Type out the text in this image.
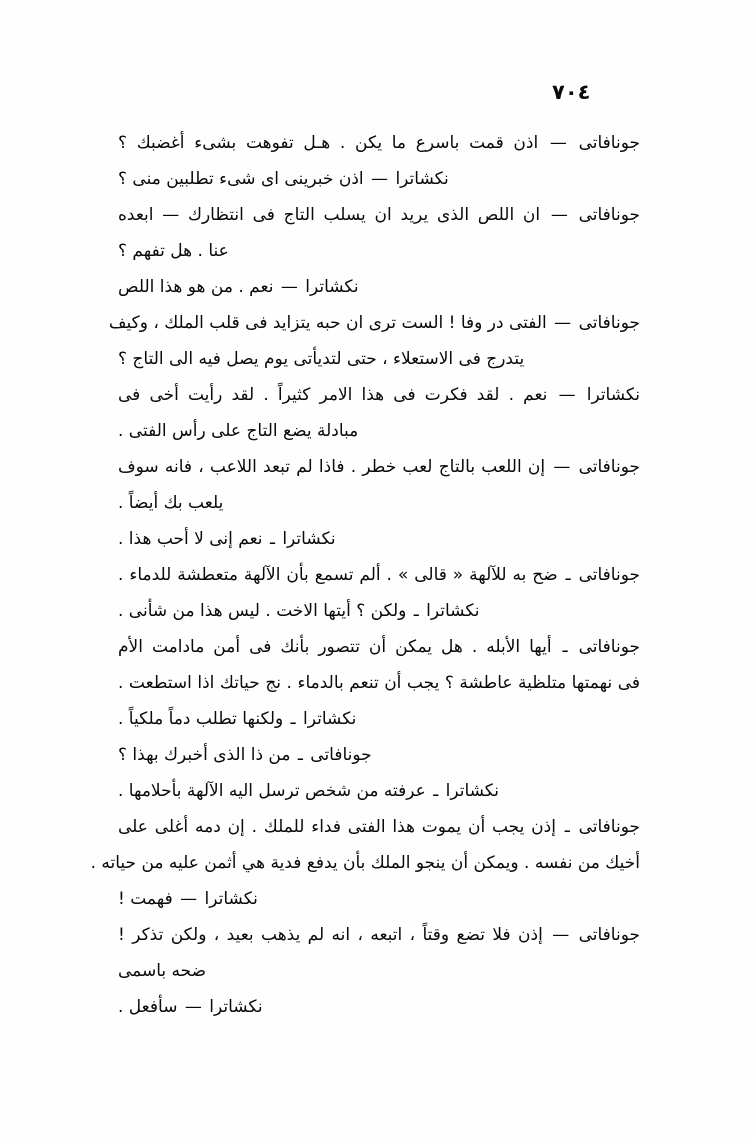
٧٠٤
جونافاتى — اذن قمت باسرع ما يكن . هـل تفوهت بشىء أغضبك ؟
نكشاترا — اذن خبرينى اى شىء تطلبين منى ؟
جونافاتى — ان اللص الذى يريد ان يسلب التاج فى انتظارك — ابعده
عنا . هل تفهم ؟
نكشاترا — نعم . من هو هذا اللص
جونافاتى — الفتى در وفا ! الست ترى ان حبه يتزايد فى قلب الملك ، وكيف
يتدرج فى الاستعلاء ، حتى لتديأتى يوم يصل فيه الى التاج ؟
نكشاترا — نعم . لقد فكرت فى هذا الامر كثيراً . لقد رأيت أخى فى
مبادلة يضع التاج على رأس الفتى .
جونافاتى — إن اللعب بالتاج لعب خطر . فاذا لم تبعد اللاعب ، فانه سوف
يلعب بك أيضاً .
نكشاترا ـ نعم إنى لا أحب هذا .
جونافاتى ـ ضح به للآلهة « قالى » . ألم تسمع بأن الآلهة متعطشة للدماء .
نكشاترا ـ ولكن ؟ أيتها الاخت . ليس هذا من شأنى .
جونافاتى ـ أيها الأبله . هل يمكن أن تتصور بأنك فى أمن مادامت الأم
فى نهمتها متلظية عاطشة ؟ يجب أن تنعم بالدماء . نج حياتك اذا استطعت .
نكشاترا ـ ولكنها تطلب دماً ملكياً .
جونافاتى ـ من ذا الذى أخبرك بهذا ؟
نكشاترا ـ عرفته من شخص ترسل اليه الآلهة بأحلامها .
جونافاتى ـ إذن يجب أن يموت هذا الفتى فداء للملك . إن دمه أغلى على
أخيك من نفسه . ويمكن أن ينجو الملك بأن يدفع فدية هي أثمن عليه من حياته .
نكشاترا — فهمت !
جونافاتى — إذن فلا تضع وقتاً ، اتبعه ، انه لم يذهب بعيد ، ولكن تذكر !
ضحه باسمى
نكشاترا — سأفعل .
